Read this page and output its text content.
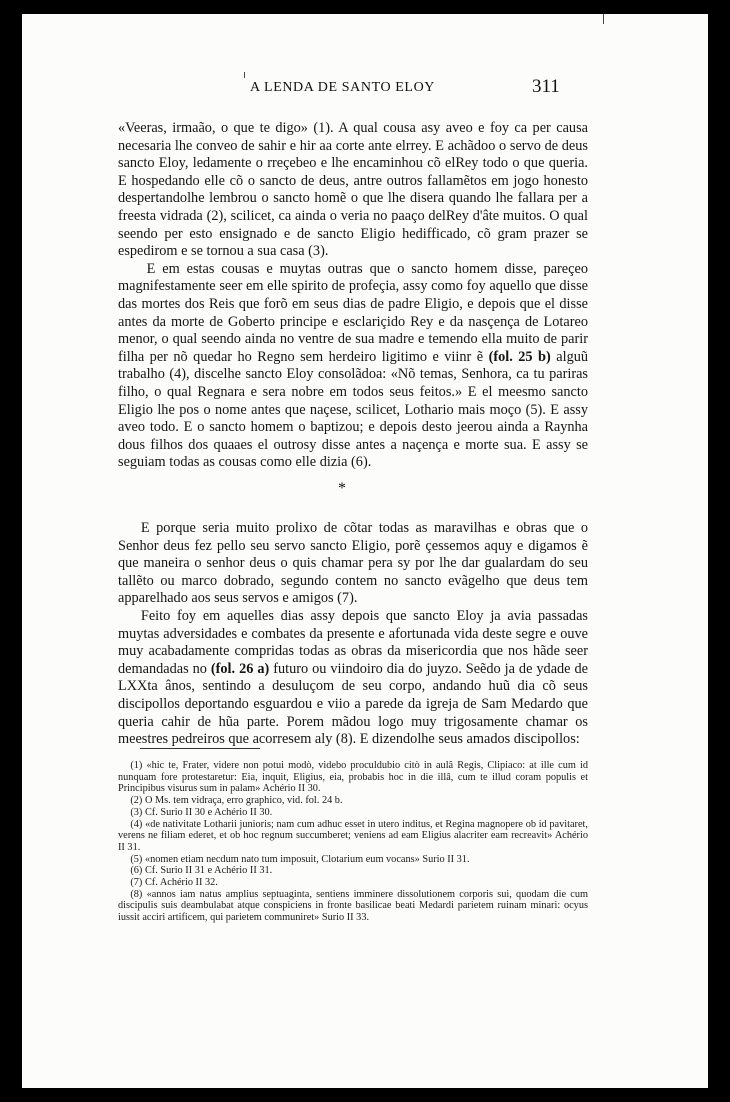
A LENDA DE SANTO ELOY	311

«Veeras, irmaão, o que te digo» (1). A qual cousa asy aveo e foy ca per causa necesaria lhe conveo de sahir e hir aa corte ante elrrey. E achãdoo o servo de deus sancto Eloy, ledamente o rreçebeo e lhe encaminhou cõ elRey todo o que queria. E hospedando elle cõ o sancto de deus, antre outros fallamẽtos em jogo honesto despertandolhe lembrou o sancto homẽ o que lhe disera quando lhe fallara per a freesta vidrada (2), scilicet, ca ainda o veria no paaço delRey d'âte muitos. O qual seendo per esto ensignado e de sancto Eligio hedifficado, cõ gram prazer se espedirom e se tornou a sua casa (3).

E em estas cousas e muytas outras que o sancto homem disse, pareçeo magnifestamente seer em elle spirito de profeçia, assy como foy aquello que disse das mortes dos Reis que forõ em seus dias de padre Eligio, e depois que el disse antes da morte de Goberto principe e esclariçido Rey e da nasçença de Lotareo menor, o qual seendo ainda no ventre de sua madre e temendo ella muito de parir filha per nõ quedar ho Regno sem herdeiro ligitimo e viinr ẽ (fol. 25 b) alguũ trabalho (4), discelhe sancto Eloy consolãdoa: «Nõ temas, Senhora, ca tu pariras filho, o qual Regnara e sera nobre em todos seus feitos.» E el meesmo sancto Eligio lhe pos o nome antes que naçese, scilicet, Lothario mais moço (5). E assy aveo todo. E o sancto homem o baptizou; e depois desto jeerou ainda a Raynha dous filhos dos quaaes el outrosy disse antes a naçença e morte sua. E assy se seguiam todas as cousas como elle dizia (6).

*

E porque seria muito prolixo de cõtar todas as maravilhas e obras que o Senhor deus fez pello seu servo sancto Eligio, porẽ çessemos aquy e digamos ẽ que maneira o senhor deus o quis chamar pera sy por lhe dar gualardam do seu tallẽto ou marco dobrado, segundo contem no sancto evãgelho que deus tem apparelhado aos seus servos e amigos (7).

Feito foy em aquelles dias assy depois que sancto Eloy ja avia passadas muytas adversidades e combates da presente e afortunada vida deste segre e ouve muy acabadamente compridas todas as obras da misericordia que nos hãde seer demandadas no (fol. 26 a) futuro ou viindoiro dia do juyzo. Seẽdo ja de ydade de LXXta ânos, sentindo a desuluçom de seu corpo, andando huũ dia cõ seus discipollos deportando esguardou e viio a parede da igreja de Sam Medardo que queria cahir de hũa parte. Porem mãdou logo muy trigosamente chamar os meestres pedreiros que acorresem aly (8). E dizendolhe seus amados discipollos:

(1) «hic te, Frater, videre non potui modò, videbo proculdubio citò in aulâ Regis, Clipiaco: at ille cum id nunquam fore protestaretur: Eia, inquit, Eligius, eia, probabis hoc in die illâ, cum te illud coram populis et Principibus visurus sum in palam» Achério II 30.

(2) O Ms. tem vidraça, erro graphico, vid. fol. 24 b.

(3) Cf. Surio II 30 e Achério II 30.

(4) «de nativitate Lotharii junioris; nam cum adhuc esset in utero inditus, et Regina magnopere ob id pavitaret, verens ne filiam ederet, et ob hoc regnum succumberet; veniens ad eam Eligius alacriter eam recreavit» Achério II 31.

(5) «nomen etiam necdum nato tum imposuit, Clotarium eum vocans» Surio II 31.

(6) Cf. Surio II 31 e Achério II 31.

(7) Cf. Achério II 32.

(8) «annos iam natus amplius septuaginta, sentiens imminere dissolutionem corporis sui, quodam die cum discipulis suis deambulabat atque conspiciens in fronte basilicae beati Medardi parietem ruinam minari: ocyus iussit acciri artificem, qui parietem communiret» Surio II 33.
